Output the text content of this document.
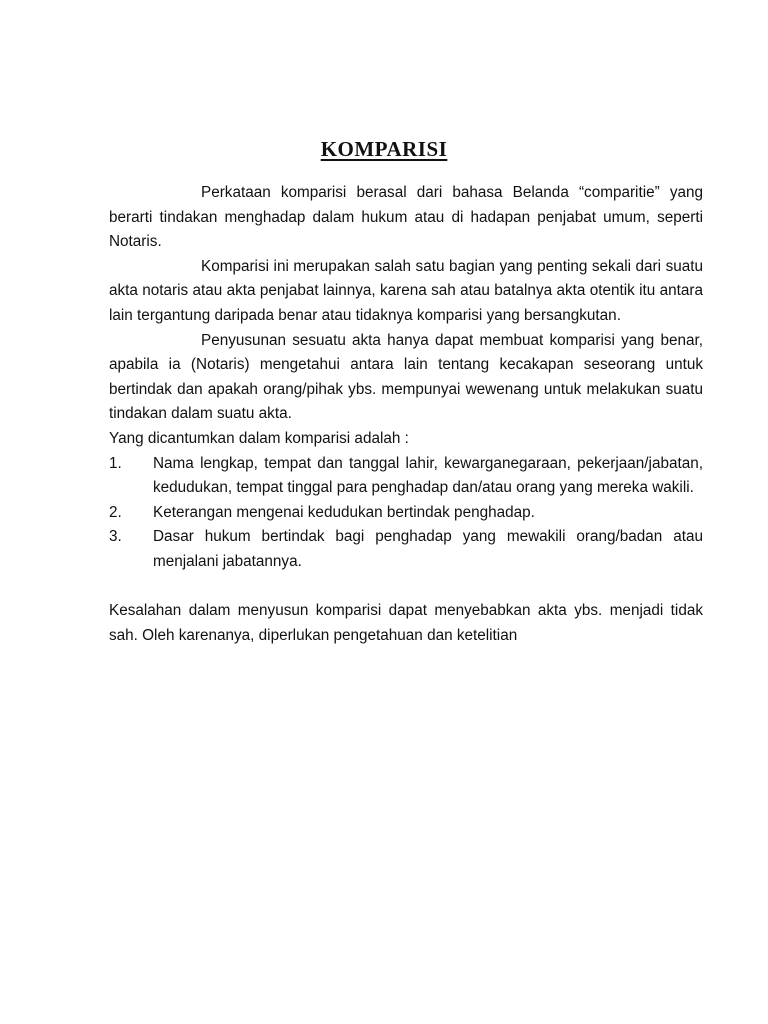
KOMPARISI

Perkataan komparisi berasal dari bahasa Belanda “comparitie” yang berarti tindakan menghadap dalam hukum atau di hadapan penjabat umum, seperti Notaris.

Komparisi ini merupakan salah satu bagian yang penting sekali dari suatu akta notaris atau akta penjabat lainnya, karena sah atau batalnya akta otentik itu antara lain tergantung daripada benar atau tidaknya komparisi yang bersangkutan.

Penyusunan sesuatu akta hanya dapat membuat komparisi yang benar, apabila ia (Notaris) mengetahui antara lain tentang kecakapan seseorang untuk bertindak dan apakah orang/pihak ybs. mempunyai wewenang untuk melakukan suatu tindakan dalam suatu akta.

Yang dicantumkan dalam komparisi adalah :

1.	Nama lengkap, tempat dan tanggal lahir, kewarganegaraan, pekerjaan/jabatan, kedudukan, tempat tinggal para penghadap dan/atau orang yang mereka wakili.
2.	Keterangan mengenai kedudukan bertindak penghadap.
3.	Dasar hukum bertindak bagi penghadap yang mewakili orang/badan atau menjalani jabatannya.

Kesalahan dalam menyusun komparisi dapat menyebabkan akta ybs. menjadi tidak sah. Oleh karenanya, diperlukan pengetahuan dan ketelitian
